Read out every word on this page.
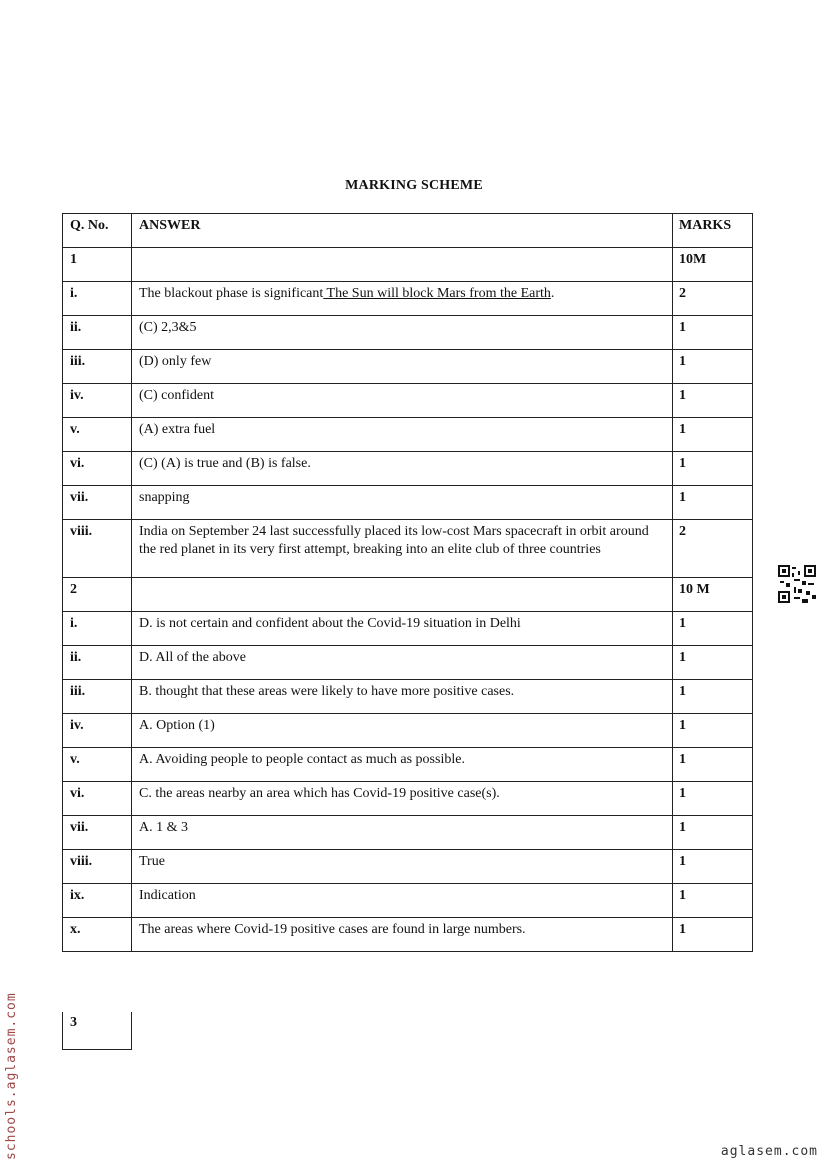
MARKING SCHEME
Q. No.	ANSWER	MARKS
1		10M
i.	The blackout phase is significant The Sun will block Mars from the Earth.	2
ii.	(C) 2,3&5	1
iii.	(D) only few	1
iv.	(C) confident	1
v.	(A) extra fuel	1
vi.	(C) (A) is true and (B) is false.	1
vii.	snapping	1
viii.	India on September 24 last successfully placed its low-cost Mars spacecraft in orbit around the red planet in its very first attempt, breaking into an elite club of three countries	2
2		10 M
i.	D. is not certain and confident about the Covid-19 situation in Delhi	1
ii.	D. All of the above	1
iii.	B. thought that these areas were likely to have more positive cases.	1
iv.	A. Option (1)	1
v.	A. Avoiding people to people contact as much as possible.	1
vi.	C. the areas nearby an area which has Covid-19 positive case(s).	1
vii.	A. 1 & 3	1
viii.	True	1
ix.	Indication	1
x.	The areas where Covid-19 positive cases are found in large numbers.	1
3
schools.aglasem.com	aglasem.com
